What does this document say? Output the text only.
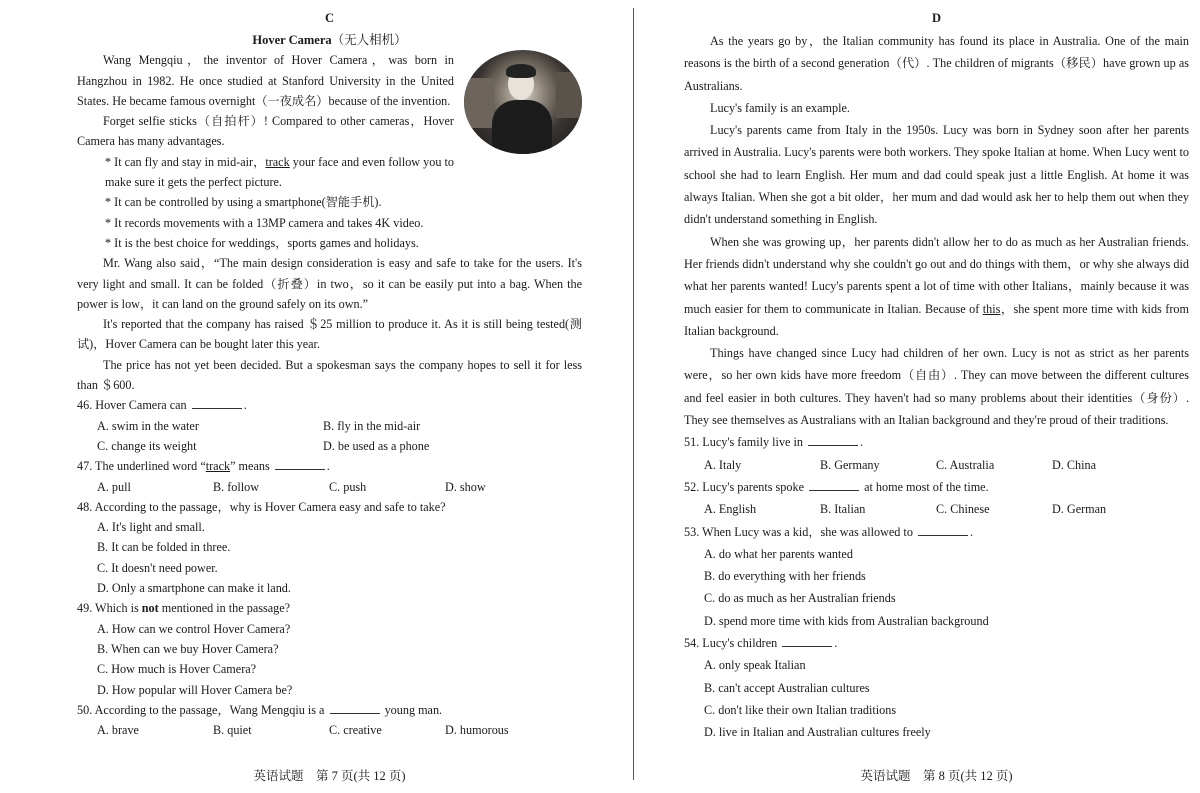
C
Hover Camera（无人相机）

Wang Mengqiu，the inventor of Hover Camera，was born in Hangzhou in 1982. He once studied at Stanford University in the United States. He became famous overnight（一夜成名）because of the invention.

Forget selfie sticks（自拍杆）! Compared to other cameras，Hover Camera has many advantages.

* It can fly and stay in mid-air，track your face and even follow you to make sure it gets the perfect picture.

* It can be controlled by using a smartphone(智能手机).

* It records movements with a 13MP camera and takes 4K video.

* It is the best choice for weddings，sports games and holidays.

Mr. Wang also said，“The main design consideration is easy and safe to take for the users. It's very light and small. It can be folded（折叠）in two，so it can be easily put into a bag. When the power is low，it can land on the ground safely on its own.”

It's reported that the company has raised ＄25 million to produce it. As it is still being tested(测试)，Hover Camera can be bought later this year.

The price has not yet been decided. But a spokesman says the company hopes to sell it for less than ＄600.

46. Hover Camera can	.
A. swim in the water	B. fly in the mid-air
C. change its weight	D. be used as a phone
47. The underlined word “track” means	.
A. pull	B. follow	C. push	D. show
48. According to the passage，why is Hover Camera easy and safe to take?
A. It's light and small.
B. It can be folded in three.
C. It doesn't need power.
D. Only a smartphone can make it land.
49. Which is not mentioned in the passage?
A. How can we control Hover Camera?
B. When can we buy Hover Camera?
C. How much is Hover Camera?
D. How popular will Hover Camera be?
50. According to the passage，Wang Mengqiu is a	young man.
A. brave	B. quiet	C. creative	D. humorous
英语试题　第 7 页(共 12 页)
D

As the years go by，the Italian community has found its place in Australia. One of the main reasons is the birth of a second generation（代）. The children of migrants（移民）have grown up as Australians.

Lucy's family is an example.

Lucy's parents came from Italy in the 1950s. Lucy was born in Sydney soon after her parents arrived in Australia. Lucy's parents were both workers. They spoke Italian at home. When Lucy went to school she had to learn English. Her mum and dad could speak just a little English. At home it was always Italian. When she got a bit older，her mum and dad would ask her to help them out when they didn't understand something in English.

When she was growing up，her parents didn't allow her to do as much as her Australian friends. Her friends didn't understand why she couldn't go out and do things with them，or why she always did what her parents wanted! Lucy's parents spent a lot of time with other Italians，mainly because it was much easier for them to communicate in Italian. Because of this，she spent more time with kids from Italian background.

Things have changed since Lucy had children of her own. Lucy is not as strict as her parents were，so her own kids have more freedom（自由）. They can move between the different cultures and feel easier in both cultures. They haven't had so many problems about their identities（身份）. They see themselves as Australians with an Italian background and they're proud of their traditions.

51. Lucy's family live in	.
A. Italy	B. Germany	C. Australia	D. China
52. Lucy's parents spoke	at home most of the time.
A. English	B. Italian	C. Chinese	D. German
53. When Lucy was a kid，she was allowed to	.
A. do what her parents wanted
B. do everything with her friends
C. do as much as her Australian friends
D. spend more time with kids from Australian background
54. Lucy's children	.
A. only speak Italian
B. can't accept Australian cultures
C. don't like their own Italian traditions
D. live in Italian and Australian cultures freely
英语试题　第 8 页(共 12 页)
